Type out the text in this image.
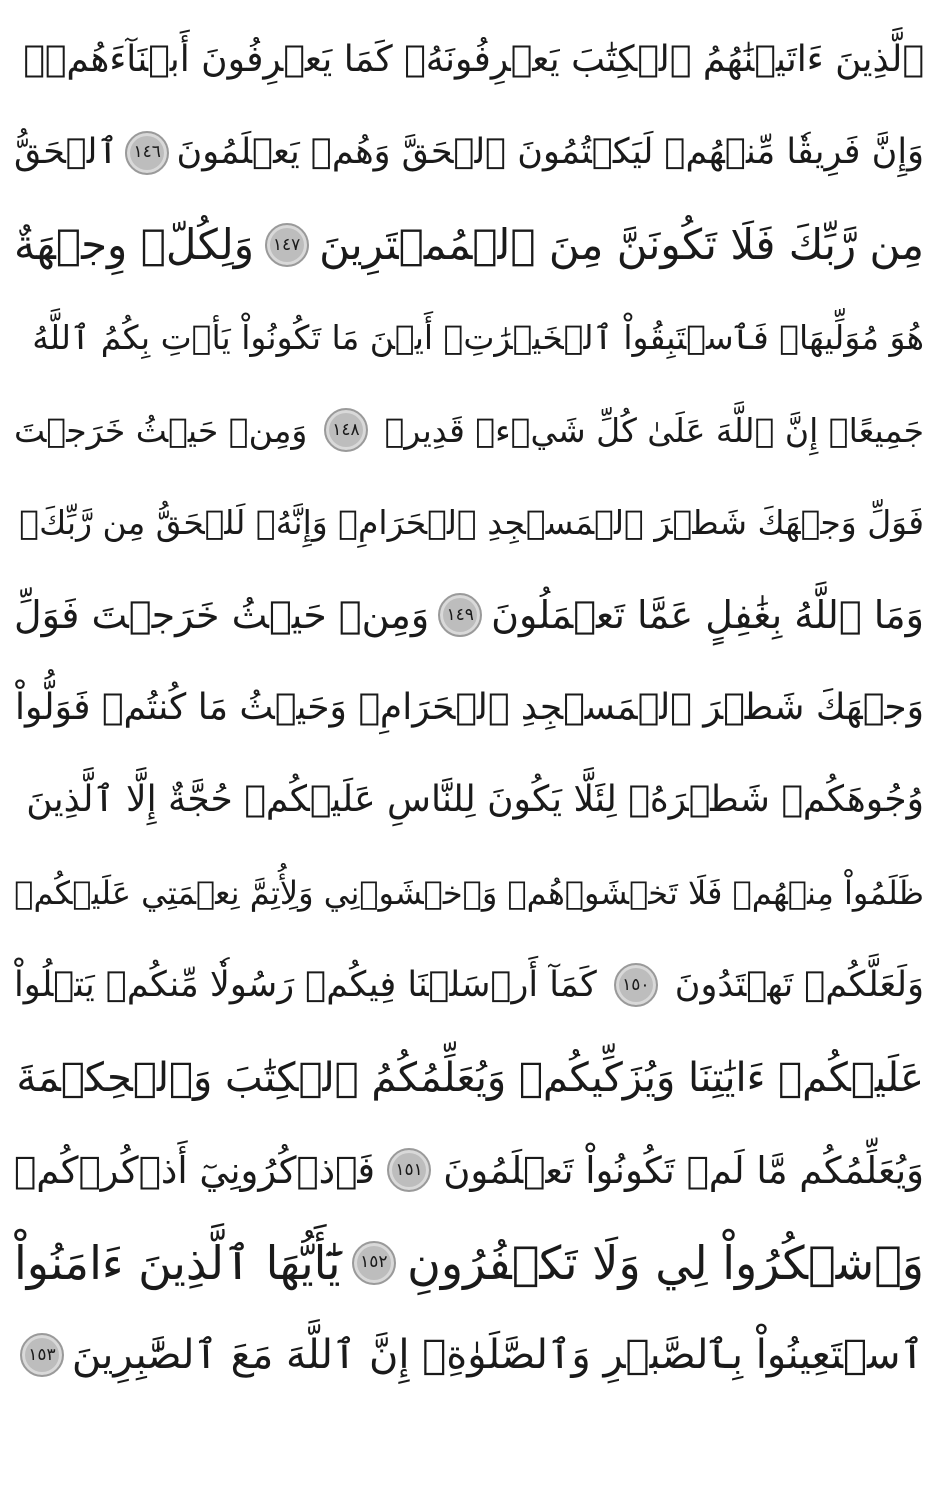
ٱلَّذِينَ ءَاتَيۡنَٰهُمُ ٱلۡكِتَٰبَ يَعۡرِفُونَهُۥ كَمَا يَعۡرِفُونَ أَبۡنَآءَهُمۡۖ
وَإِنَّ فَرِيقٗا مِّنۡهُمۡ لَيَكۡتُمُونَ ٱلۡحَقَّ وَهُمۡ يَعۡلَمُونَ
١٤٦
ٱلۡحَقُّ
مِن رَّبِّكَ فَلَا تَكُونَنَّ مِنَ ٱلۡمُمۡتَرِينَ
١٤٧
وَلِكُلّٖ وِجۡهَةٌ
هُوَ مُوَلِّيهَاۖ فَٱسۡتَبِقُواْ ٱلۡخَيۡرَٰتِۚ أَيۡنَ مَا تَكُونُواْ يَأۡتِ بِكُمُ ٱللَّهُ
جَمِيعًاۚ إِنَّ ٱللَّهَ عَلَىٰ كُلِّ شَيۡءٖ قَدِيرٞ
١٤٨
وَمِنۡ حَيۡثُ خَرَجۡتَ
فَوَلِّ وَجۡهَكَ شَطۡرَ ٱلۡمَسۡجِدِ ٱلۡحَرَامِۖ وَإِنَّهُۥ لَلۡحَقُّ مِن رَّبِّكَۗ
وَمَا ٱللَّهُ بِغَٰفِلٍ عَمَّا تَعۡمَلُونَ
١٤٩
وَمِنۡ حَيۡثُ خَرَجۡتَ فَوَلِّ
وَجۡهَكَ شَطۡرَ ٱلۡمَسۡجِدِ ٱلۡحَرَامِۚ وَحَيۡثُ مَا كُنتُمۡ فَوَلُّواْ
وُجُوهَكُمۡ شَطۡرَهُۥ لِئَلَّا يَكُونَ لِلنَّاسِ عَلَيۡكُمۡ حُجَّةٌ إِلَّا ٱلَّذِينَ
ظَلَمُواْ مِنۡهُمۡ فَلَا تَخۡشَوۡهُمۡ وَٱخۡشَوۡنِي وَلِأُتِمَّ نِعۡمَتِي عَلَيۡكُمۡ
وَلَعَلَّكُمۡ تَهۡتَدُونَ
١٥٠
كَمَآ أَرۡسَلۡنَا فِيكُمۡ رَسُولٗا مِّنكُمۡ يَتۡلُواْ
عَلَيۡكُمۡ ءَايَٰتِنَا وَيُزَكِّيكُمۡ وَيُعَلِّمُكُمُ ٱلۡكِتَٰبَ وَٱلۡحِكۡمَةَ
وَيُعَلِّمُكُم مَّا لَمۡ تَكُونُواْ تَعۡلَمُونَ
١٥١
فَٱذۡكُرُونِيٓ أَذۡكُرۡكُمۡ
وَٱشۡكُرُواْ لِي وَلَا تَكۡفُرُونِ
١٥٢
يَٰٓأَيُّهَا ٱلَّذِينَ ءَامَنُواْ
ٱسۡتَعِينُواْ بِٱلصَّبۡرِ وَٱلصَّلَوٰةِۚ إِنَّ ٱللَّهَ مَعَ ٱلصَّٰبِرِينَ
١٥٣
